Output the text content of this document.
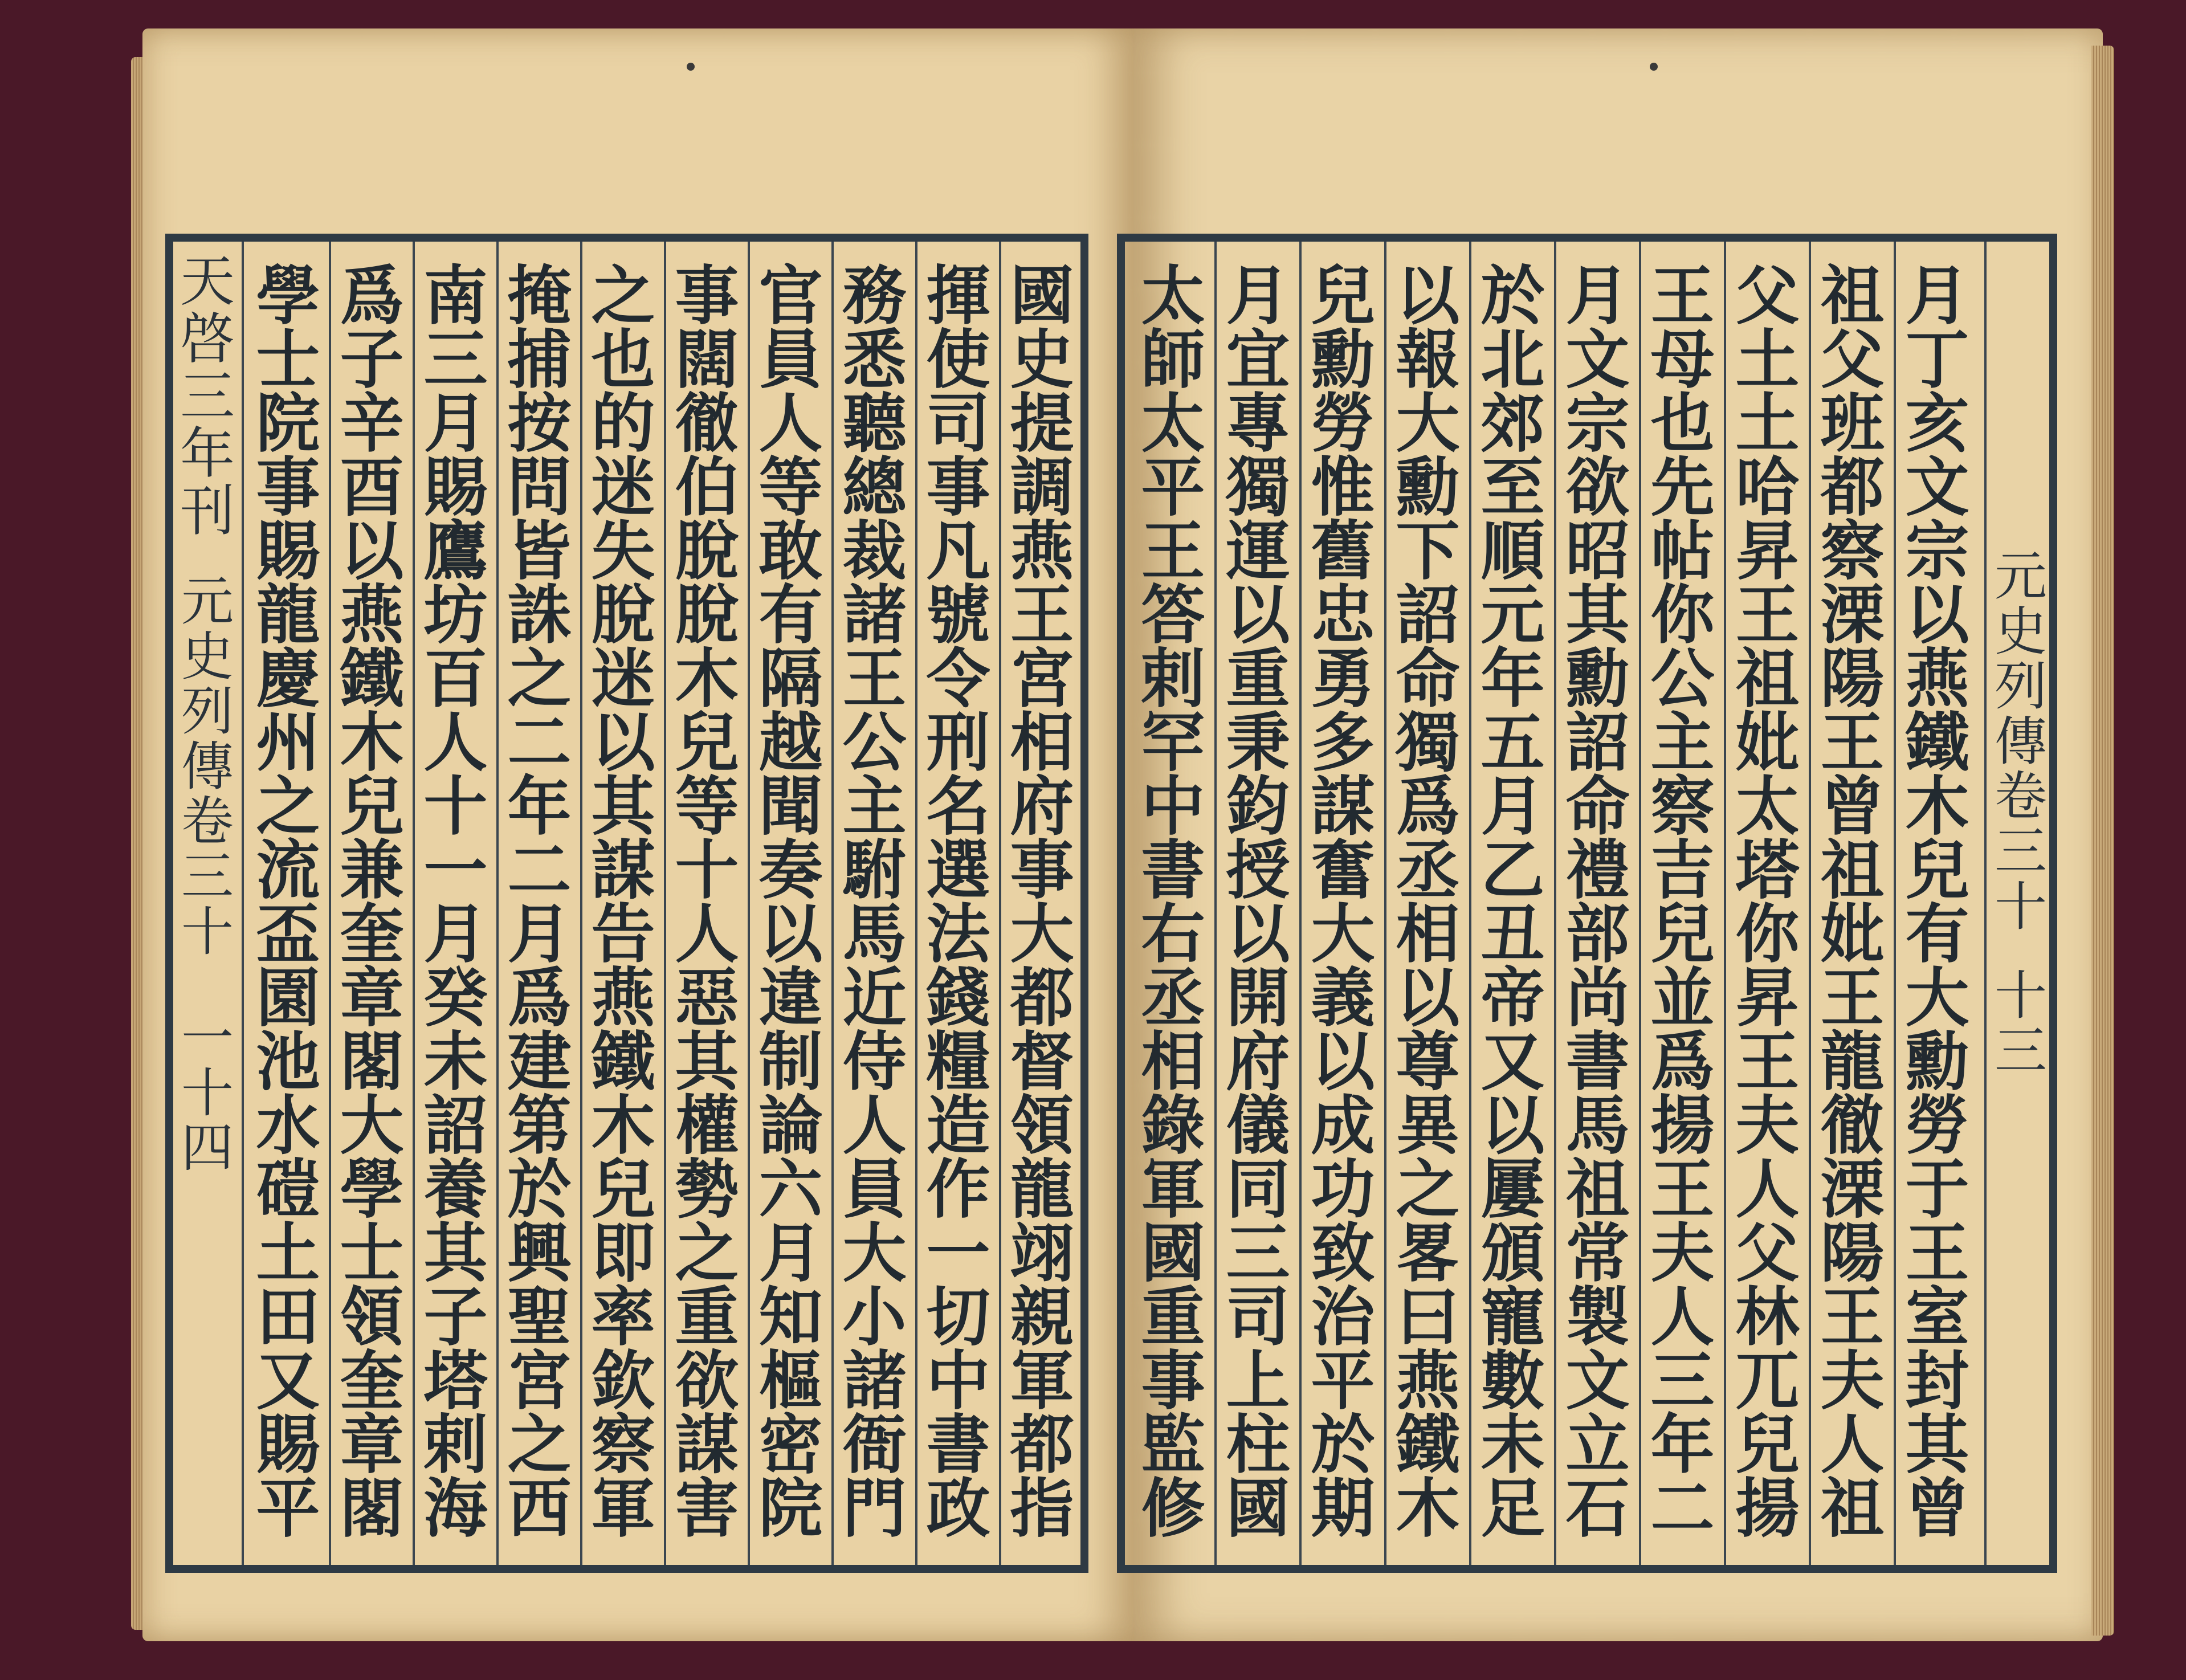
天啓三年刊
元史列傳卷三十
一十四
學士院事賜龍慶州之流盃園池水磑土田又賜平
爲子辛酉以燕鐵木兒兼奎章閣大學士領奎章閣
南三月賜鷹坊百人十一月癸未詔養其子塔剌海
掩捕按問皆誅之二年二月爲建第於興聖宮之西
之也的迷失脫迷以其謀告燕鐵木兒即率欽察軍
事闊徹伯脫脫木兒等十人惡其權勢之重欲謀害
官員人等敢有隔越聞奏以違制論六月知樞密院
務悉聽總裁諸王公主駙馬近侍人員大小諸衙門
揮使司事凡號令刑名選法錢糧造作一切中書政
國史提調燕王宮相府事大都督領龍翊親軍都指
太師太平王答剌罕中書右丞相錄軍國重事監修
月宜專獨運以重秉鈞授以開府儀同三司上柱國
兒勳勞惟舊忠勇多謀奮大義以成功致治平於期
以報大勳下詔命獨爲丞相以尊異之畧曰燕鐵木
於北郊至順元年五月乙丑帝又以屢頒寵數未足
月文宗欲昭其勳詔命禮部尚書馬祖常製文立石
王母也先帖你公主察吉兒並爲揚王夫人三年二
父土土哈昇王祖妣太塔你昇王夫人父林兀兒揚
祖父班都察溧陽王曾祖妣王龍徹溧陽王夫人祖
月丁亥文宗以燕鐵木兒有大勳勞于王室封其曾
元史列傳卷三十
十三
